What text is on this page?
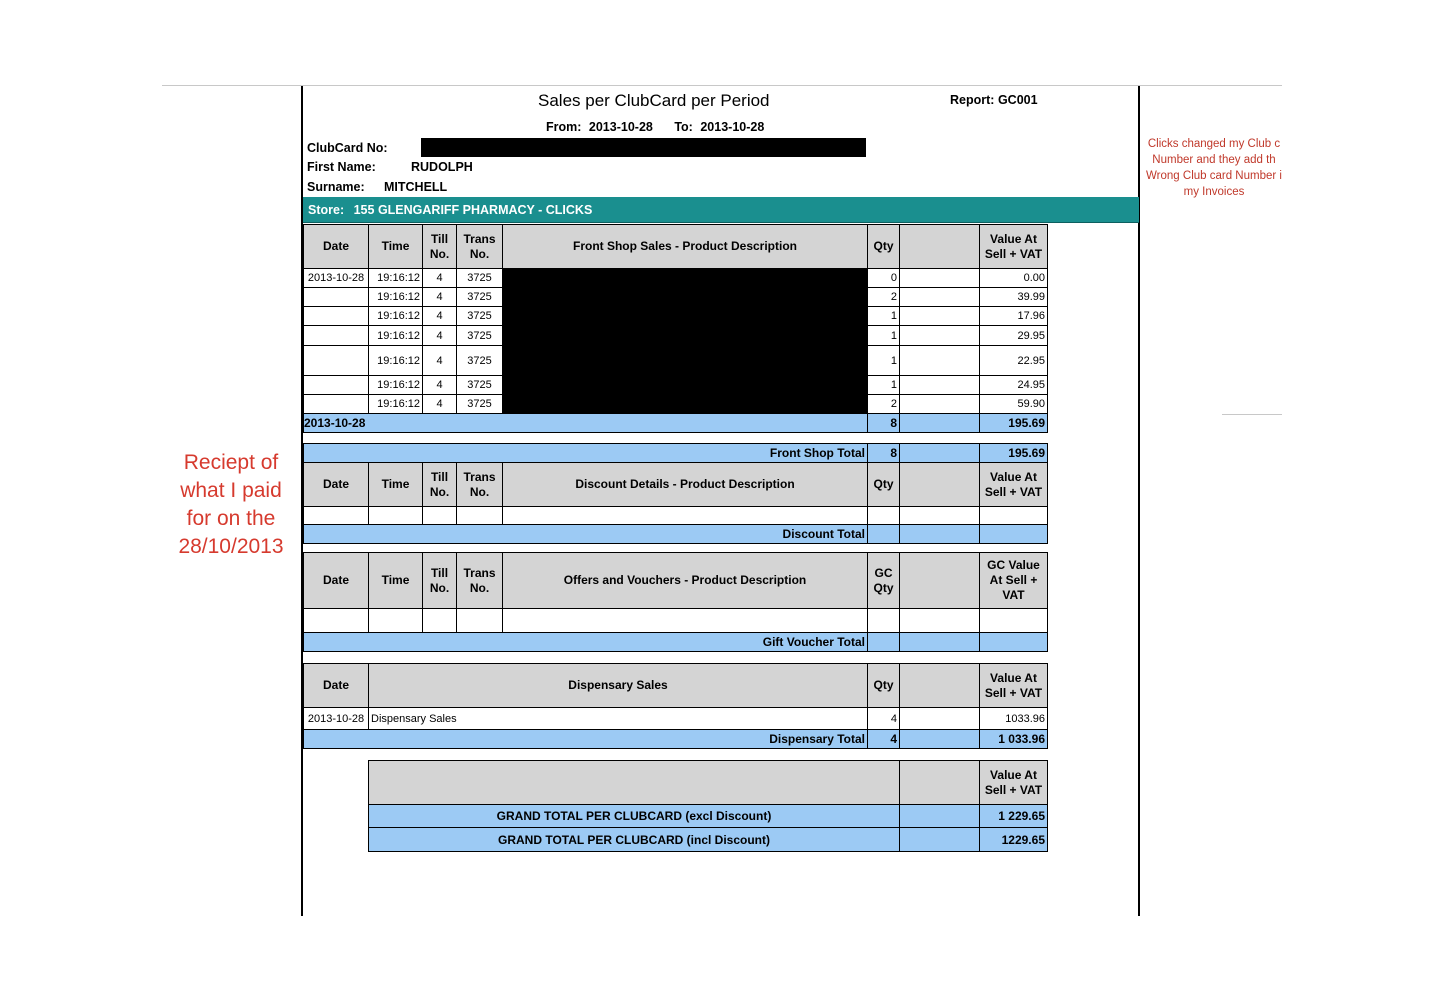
Sales per ClubCard per Period	Report: GC001
From: 2013-10-28 To: 2013-10-28
ClubCard No:
First Name:	RUDOLPH
Surname: MITCHELL
Store: 155 GLENGARIFF PHARMACY - CLICKS
Date	Time	Till No.	Trans No.	Front Shop Sales - Product Description	Qty		Value At Sell + VAT
2013-10-28	19:16:12	4	3725		0		0.00
	19:16:12	4	3725		2		39.99
	19:16:12	4	3725		1		17.96
	19:16:12	4	3725		1		29.95
	19:16:12	4	3725		1		22.95
	19:16:12	4	3725		1		24.95
	19:16:12	4	3725		2		59.90
2013-10-28					8		195.69

Front Shop Total					8		195.69
Date	Time	Till No.	Trans No.	Discount Details - Product Description	Qty		Value At Sell + VAT

Discount Total							

Date	Time	Till No.	Trans No.	Offers and Vouchers - Product Description	GC Qty		GC Value At Sell + VAT

Gift Voucher Total							

Date	Dispensary Sales				Qty		Value At Sell + VAT
2013-10-28	Dispensary Sales				4		1033.96
Dispensary Total					4		1 033.96

							Value At Sell + VAT
	GRAND TOTAL PER CLUBCARD (excl Discount)						1 229.65
	GRAND TOTAL PER CLUBCARD (incl Discount)						1229.65
Clicks changed my Club c
Number and they add th
Wrong Club card Number i
my Invoices
Reciept of
what I paid
for on the
28/10/2013
